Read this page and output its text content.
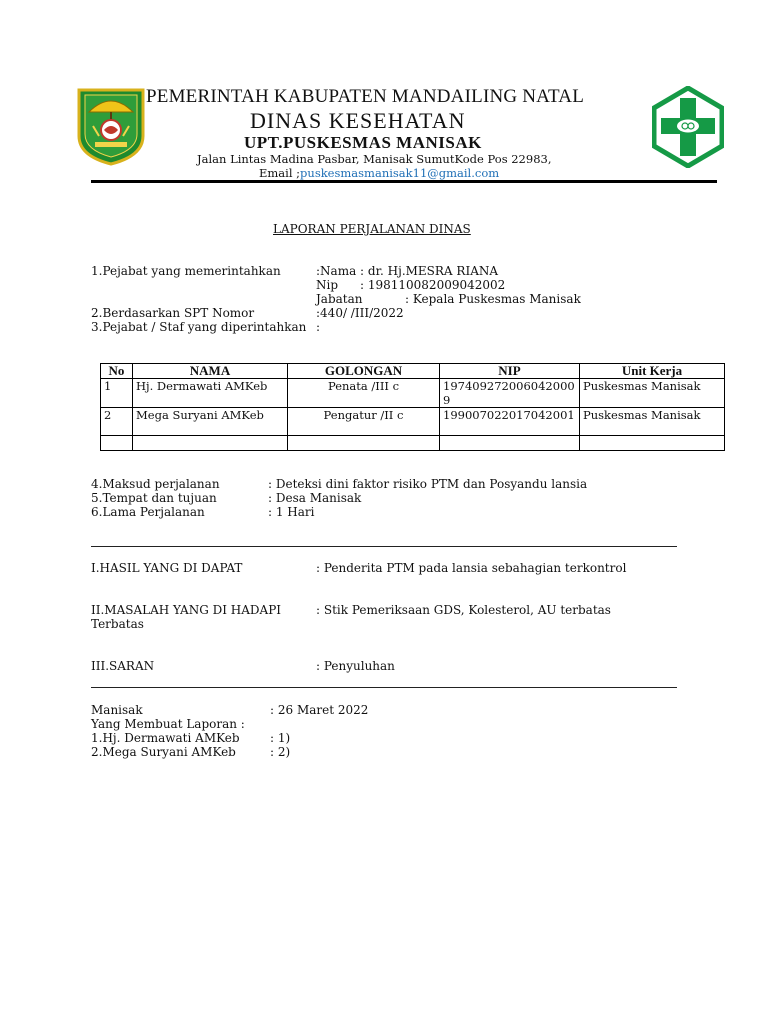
PEMERINTAH KABUPATEN MANDAILING NATAL
DINAS KESEHATAN
UPT.PUSKESMAS MANISAK
Jalan Lintas Madina Pasbar, Manisak SumutKode Pos 22983,
Email ;puskesmasmanisak11@gmail.com
LAPORAN PERJALANAN DINAS
1.Pejabat yang memerintahkan	:Nama : dr. Hj.MESRA RIANA
Nip : 198110082009042002
Jabatan	: Kepala Puskesmas Manisak
2.Berdasarkan SPT Nomor	:440/ /III/2022
3.Pejabat / Staf yang diperintahkan :
No	NAMA	GOLONGAN	NIP	Unit Kerja
1	Hj. Dermawati AMKeb	Penata /III c	197409272006042000 9	Puskesmas Manisak
2	Mega Suryani AMKeb	Pengatur /II c	199007022017042001	Puskesmas Manisak

4.Maksud perjalanan	: Deteksi dini faktor risiko PTM dan Posyandu lansia
5.Tempat dan tujuan	: Desa Manisak
6.Lama Perjalanan	: 1 Hari
I.HASIL YANG DI DAPAT	: Penderita PTM pada lansia sebahagian terkontrol
II.MASALAH YANG DI HADAPI	: Stik Pemeriksaan GDS, Kolesterol, AU terbatas
Terbatas
III.SARAN	: Penyuluhan
Manisak	: 26 Maret 2022
Yang Membuat Laporan :
1.Hj. Dermawati AMKeb	: 1)
2.Mega Suryani AMKeb	: 2)
